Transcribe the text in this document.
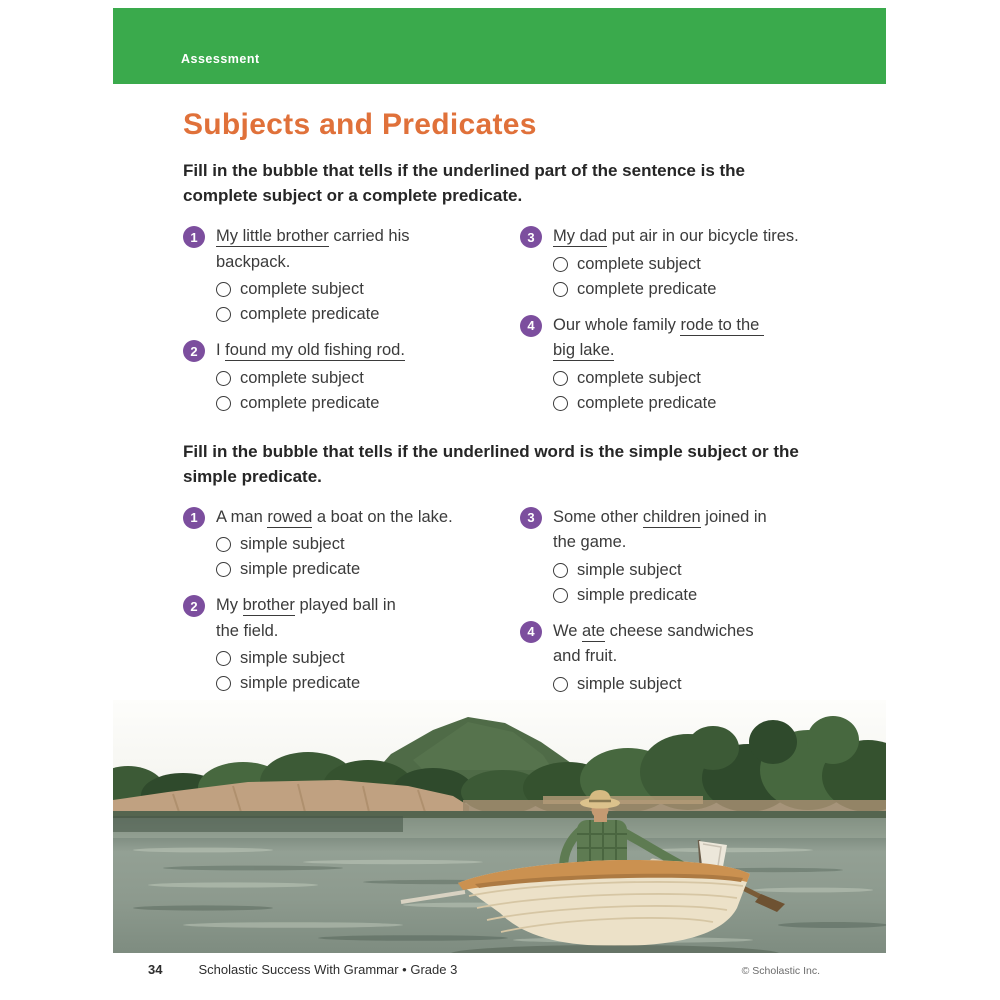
Assessment
Subjects and Predicates
Fill in the bubble that tells if the underlined part of the sentence is the complete subject or a complete predicate.
1	My little brother carried his
backpack.
complete subject
complete predicate
2	I found my old fishing rod.
complete subject
complete predicate
3	My dad put air in our bicycle tires.
complete subject
complete predicate
4	Our whole family rode to the
big lake.
complete subject
complete predicate
Fill in the bubble that tells if the underlined word is the simple subject or the simple predicate.
1	A man rowed a boat on the lake.
simple subject
simple predicate
2	My brother played ball in
the field.
simple subject
simple predicate
3	Some other children joined in
the game.
simple subject
simple predicate
4	We ate cheese sandwiches
and fruit.
simple subject
34	Scholastic Success With Grammar • Grade 3	© Scholastic Inc.
